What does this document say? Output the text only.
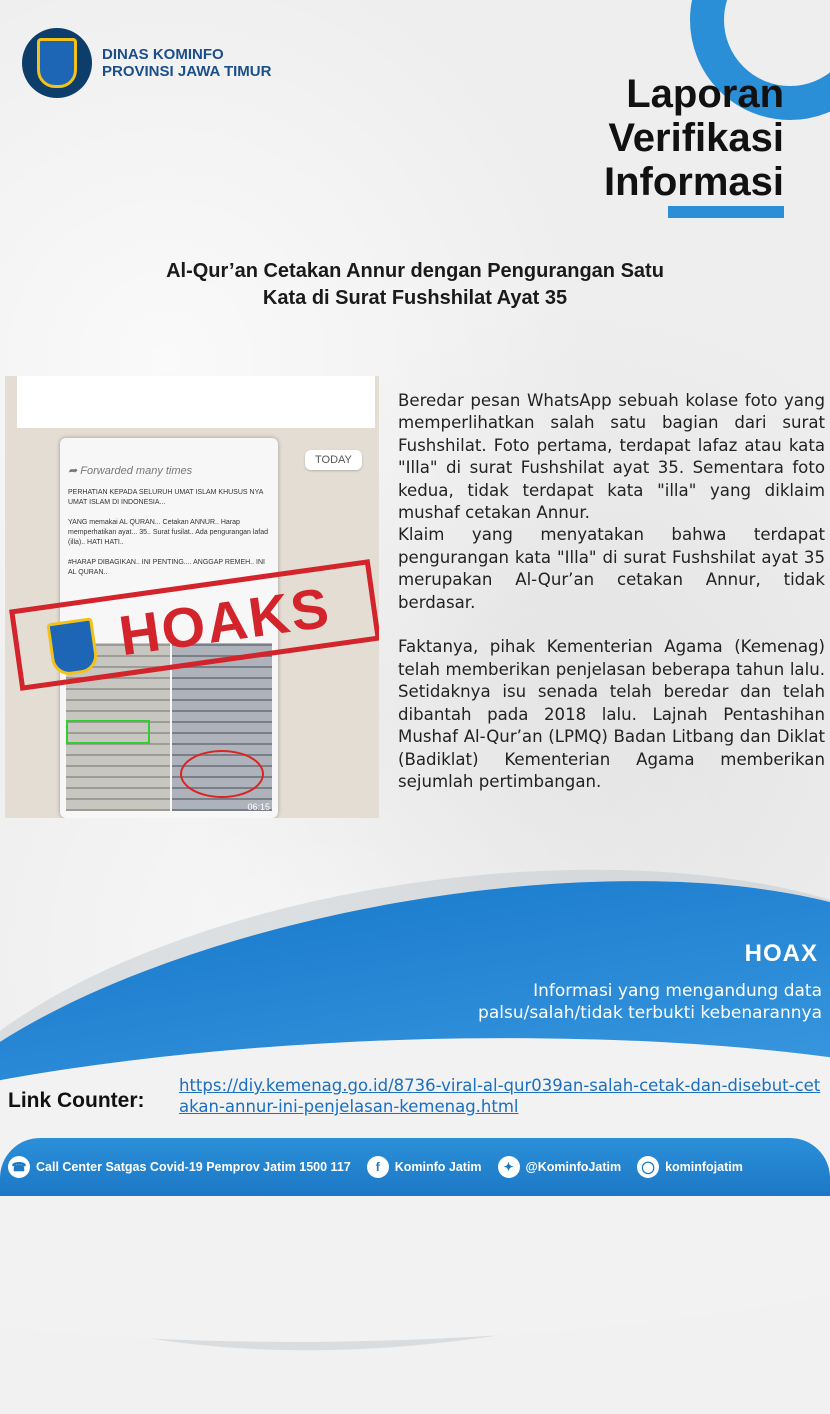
DINAS KOMINFO
PROVINSI JAWA TIMUR
Laporan
Verifikasi
Informasi
Al-Qur’an Cetakan Annur dengan Pengurangan Satu
Kata di Surat Fushshilat Ayat 35
TODAY
➦ Forwarded many times
PERHATIAN KEPADA SELURUH UMAT ISLAM KHUSUS NYA UMAT ISLAM DI INDONESIA...

YANG memakai AL QURAN... Cetakan ANNUR.. Harap memperhatikan ayat... 35.. Surat fusilat.. Ada pengurangan lafad (illa).. HATI HATI..

#HARAP DIBAGIKAN.. INI PENTING.... ANGGAP REMEH.. INI AL QURAN..
06:15
HOAKS

Beredar pesan WhatsApp sebuah kolase foto yang memperlihatkan salah satu bagian dari surat Fushshilat. Foto pertama, terdapat lafaz atau kata "Illa" di surat Fushshilat ayat 35. Sementara foto kedua, tidak terdapat kata "illa" yang diklaim mushaf cetakan Annur.

Klaim yang menyatakan bahwa terdapat pengurangan kata "Illa" di surat Fushshilat ayat 35 merupakan Al-Qur’an cetakan Annur, tidak berdasar.

Faktanya, pihak Kementerian Agama (Kemenag) telah memberikan penjelasan beberapa tahun lalu. Setidaknya isu senada telah beredar dan telah dibantah pada 2018 lalu. Lajnah Pentashihan Mushaf Al-Qur’an (LPMQ) Badan Litbang dan Diklat (Badiklat) Kementerian Agama memberikan sejumlah pertimbangan.

HOAX
Informasi yang mengandung data palsu/salah/tidak terbukti kebenarannya
Link Counter:
https://diy.kemenag.go.id/8736-viral-al-qur039an-salah-cetak-dan-disebut-cetakan-annur-ini-penjelasan-kemenag.html
☎ Call Center Satgas Covid-19 Pemprov Jatim 1500 117	f	Kominfo Jatim	✦ @KominfoJatim	◯ kominfojatim
